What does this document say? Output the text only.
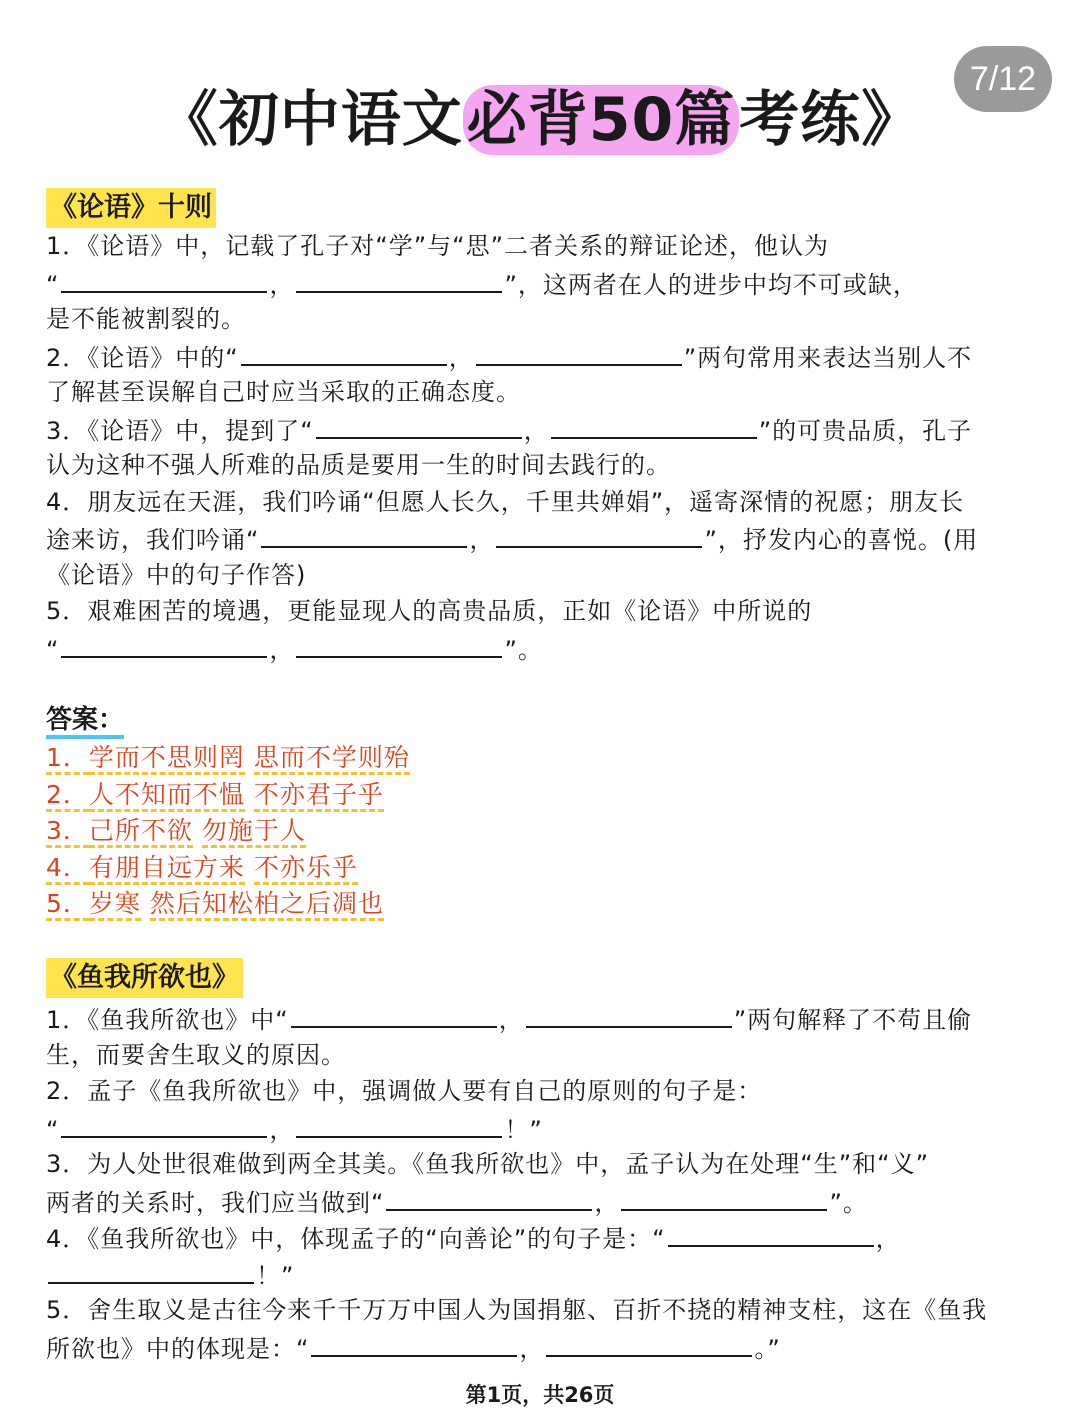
7/12
《初中语文必背50篇考练》
《论语》十则
1．《论语》中，记载了孔子对“学”与“思”二者关系的辩证论述，他认为
“	，	”，这两者在人的进步中均不可或缺，
是不能被割裂的。
2．《论语》中的“	，	”两句常用来表达当别人不
了解甚至误解自己时应当采取的正确态度。
3．《论语》中，提到了“	，	”的可贵品质，孔子
认为这种不强人所难的品质是要用一生的时间去践行的。
4．朋友远在天涯，我们吟诵“但愿人长久，千里共婵娟”，遥寄深情的祝愿；朋友长
途来访，我们吟诵“	，	”，抒发内心的喜悦。(用
《论语》中的句子作答)
5．艰难困苦的境遇，更能显现人的高贵品质，正如《论语》中所说的
“	，	”。
答案：
1．学而不思则罔 思而不学则殆
2．人不知而不愠 不亦君子乎
3．己所不欲 勿施于人
4．有朋自远方来 不亦乐乎
5．岁寒 然后知松柏之后凋也
《鱼我所欲也》
1．《鱼我所欲也》中“	，	”两句解释了不苟且偷
生，而要舍生取义的原因。
2．孟子《鱼我所欲也》中，强调做人要有自己的原则的句子是：
“	，	！”
3．为人处世很难做到两全其美。《鱼我所欲也》中，孟子认为在处理“生”和“义”
两者的关系时，我们应当做到“	，	”。
4．《鱼我所欲也》中，体现孟子的“向善论”的句子是：“	，
！”
5．舍生取义是古往今来千千万万中国人为国捐躯、百折不挠的精神支柱，这在《鱼我
所欲也》中的体现是：“	，	。”
第1页，共26页
